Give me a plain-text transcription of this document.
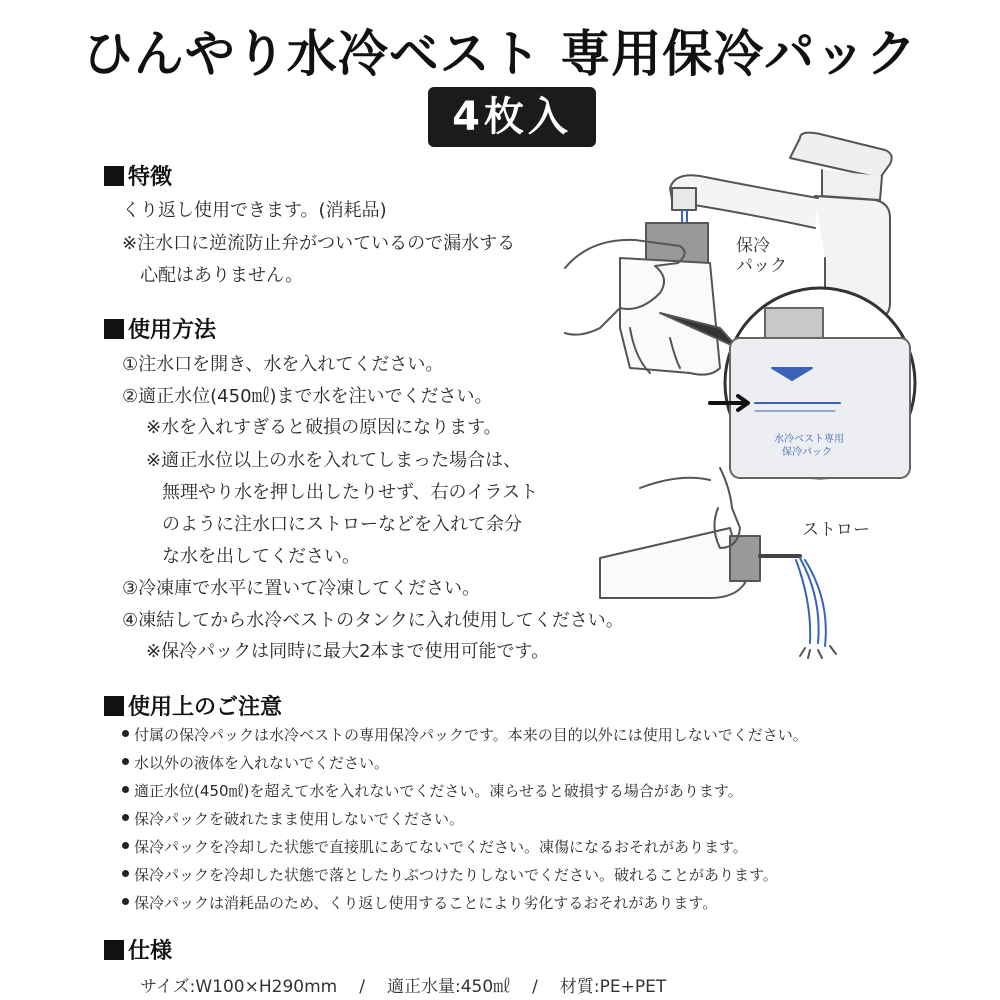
ひんやり水冷ベスト 専用保冷パック
4枚入
特徴
くり返し使用できます。(消耗品)
※注水口に逆流防止弁がついているので漏水する
心配はありません。
使用方法
①注水口を開き、水を入れてください。
②適正水位(450㎖)まで水を注いでください。
※水を入れすぎると破損の原因になります。
※適正水位以上の水を入れてしまった場合は、
無理やり水を押し出したりせず、右のイラスト
のように注水口にストローなどを入れて余分
な水を出してください。
③冷凍庫で水平に置いて冷凍してください。
④凍結してから水冷ベストのタンクに入れ使用してください。
※保冷パックは同時に最大2本まで使用可能です。
使用上のご注意
付属の保冷パックは水冷ベストの専用保冷パックです。本来の目的以外には使用しないでください。
水以外の液体を入れないでください。
適正水位(450㎖)を超えて水を入れないでください。凍らせると破損する場合があります。
保冷パックを破れたまま使用しないでください。
保冷パックを冷却した状態で直接肌にあてないでください。凍傷になるおそれがあります。
保冷パックを冷却した状態で落としたりぶつけたりしないでください。破れることがあります。
保冷パックは消耗品のため、くり返し使用することにより劣化するおそれがあります。
仕様
サイズ:W100×H290mm / 適正水量:450㎖ / 材質:PE+PET
保冷
パック
ストロー
水冷ベスト専用
保冷パック
